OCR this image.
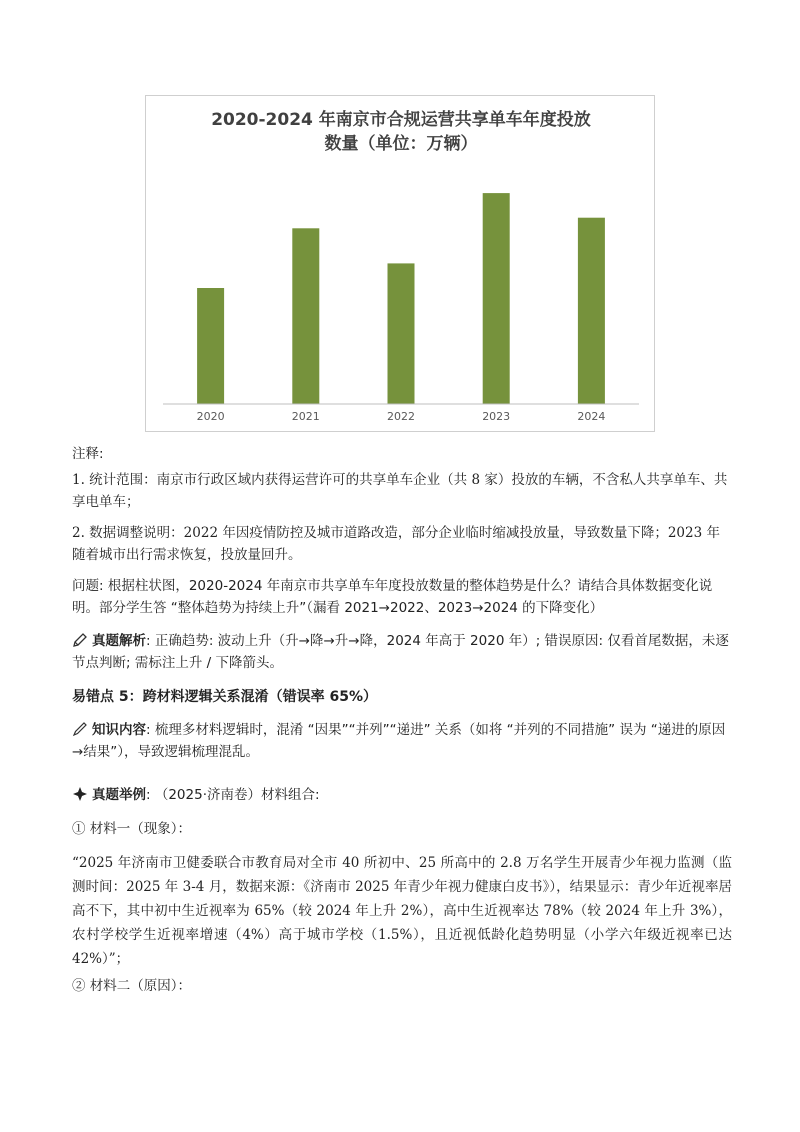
2020-2024 年南京市合规运营共享单车年度投放
数量（单位：万辆）
2020	2021	2022	2023	2024
注释:
1. 统计范围：南京市行政区域内获得运营许可的共享单车企业（共 8 家）投放的车辆，不含私人共享单车、共享电单车；
2. 数据调整说明：2022 年因疫情防控及城市道路改造，部分企业临时缩减投放量，导致数量下降；2023 年随着城市出行需求恢复，投放量回升。
问题: 根据柱状图，2020-2024 年南京市共享单车年度投放数量的整体趋势是什么？请结合具体数据变化说明。部分学生答 “整体趋势为持续上升”（漏看 2021→2022、2023→2024 的下降变化）
真题解析: 正确趋势: 波动上升（升→降→升→降，2024 年高于 2020 年）; 错误原因: 仅看首尾数据，未逐节点判断; 需标注上升 / 下降箭头。
易错点 5：跨材料逻辑关系混淆（错误率 65%）
知识内容: 梳理多材料逻辑时，混淆 “因果”“并列”“递进” 关系（如将 “并列的不同措施” 误为 “递进的原因→结果”），导致逻辑梳理混乱。
真题举例: （2025·济南卷）材料组合:
① 材料一（现象）：
“2025 年济南市卫健委联合市教育局对全市 40 所初中、25 所高中的 2.8 万名学生开展青少年视力监测（监测时间：2025 年 3-4 月，数据来源：《济南市 2025 年青少年视力健康白皮书》），结果显示：青少年近视率居高不下，其中初中生近视率为 65%（较 2024 年上升 2%），高中生近视率达 78%（较 2024 年上升 3%），农村学校学生近视率增速（4%）高于城市学校（1.5%），且近视低龄化趋势明显（小学六年级近视率已达 42%）”；
② 材料二（原因）：
